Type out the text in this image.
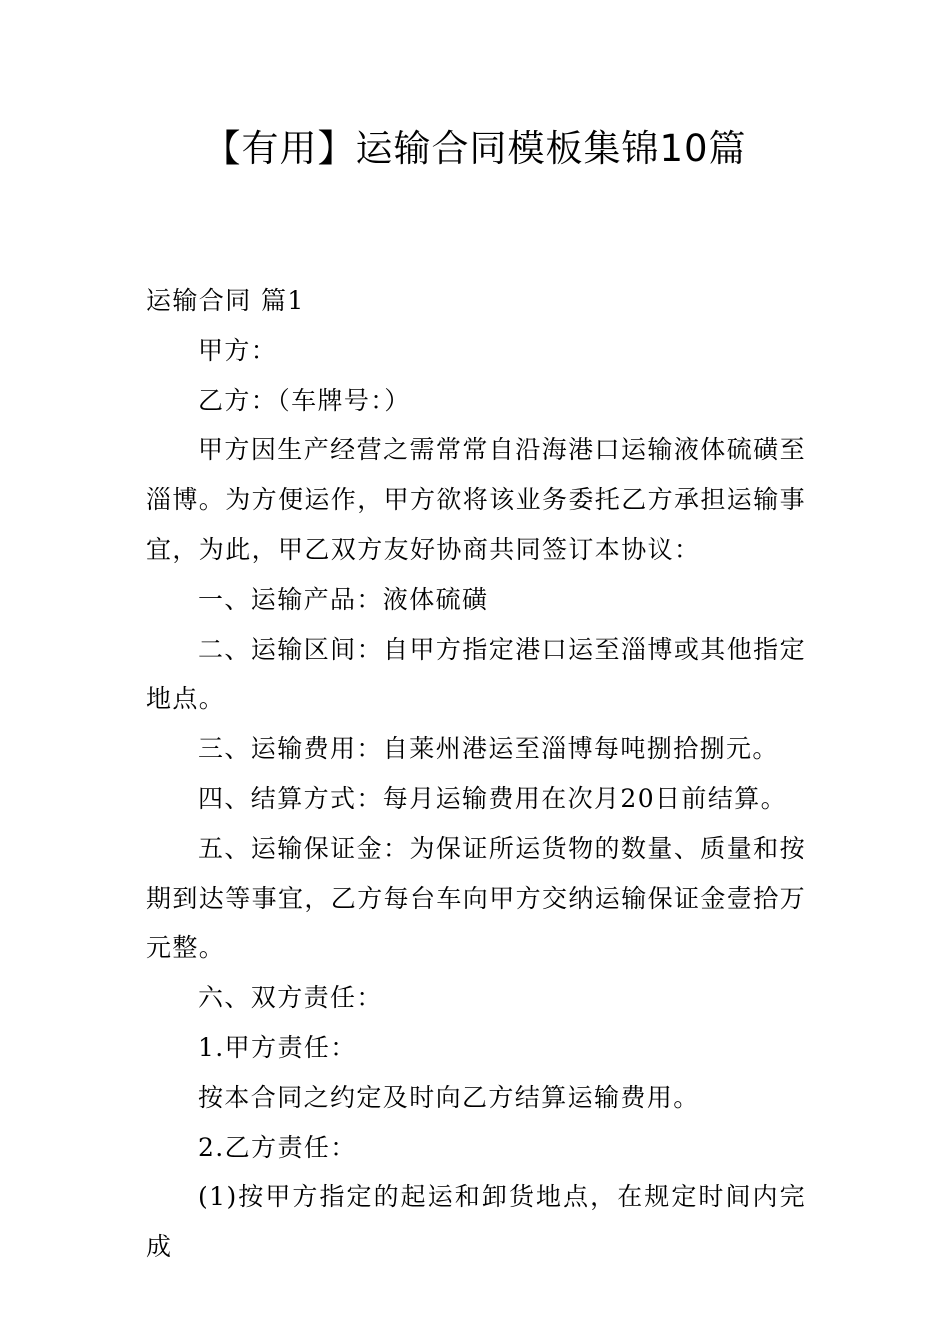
【有用】运输合同模板集锦10篇

运输合同 篇1

甲方：

乙方：（车牌号：）

甲方因生产经营之需常常自沿海港口运输液体硫磺至淄博。为方便运作，甲方欲将该业务委托乙方承担运输事宜，为此，甲乙双方友好协商共同签订本协议：

一、运输产品：液体硫磺

二、运输区间：自甲方指定港口运至淄博或其他指定地点。

三、运输费用：自莱州港运至淄博每吨捌拾捌元。

四、结算方式：每月运输费用在次月20日前结算。

五、运输保证金：为保证所运货物的数量、质量和按期到达等事宜，乙方每台车向甲方交纳运输保证金壹拾万元整。

六、双方责任：

1.甲方责任：

按本合同之约定及时向乙方结算运输费用。

2.乙方责任：

(1)按甲方指定的起运和卸货地点，在规定时间内完成
